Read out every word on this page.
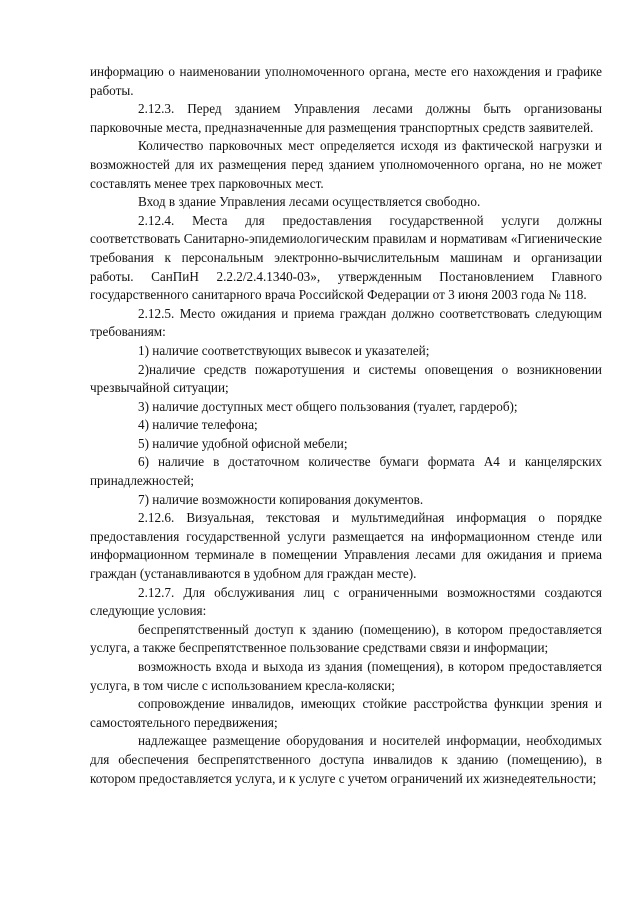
информацию о наименовании уполномоченного органа, месте его нахождения и графике работы.

2.12.3. Перед зданием Управления лесами должны быть организованы парковочные места, предназначенные для размещения транспортных средств заявителей.

Количество парковочных мест определяется исходя из фактической нагрузки и возможностей для их размещения перед зданием уполномоченного органа, но не может составлять менее трех парковочных мест.

Вход в здание Управления лесами осуществляется свободно.

2.12.4. Места для предоставления государственной услуги должны соответствовать Санитарно-эпидемиологическим правилам и нормативам «Гигиенические требования к персональным электронно-вычислительным машинам и организации работы. СанПиН 2.2.2/2.4.1340-03», утвержденным Постановлением Главного государственного санитарного врача Российской Федерации от 3 июня 2003 года № 118.

2.12.5. Место ожидания и приема граждан должно соответствовать следующим требованиям:

1) наличие соответствующих вывесок и указателей;

2)наличие средств пожаротушения и системы оповещения о возникновении чрезвычайной ситуации;

3) наличие доступных мест общего пользования (туалет, гардероб);

4) наличие телефона;

5) наличие удобной офисной мебели;

6) наличие в достаточном количестве бумаги формата А4 и канцелярских принадлежностей;

7) наличие возможности копирования документов.

2.12.6. Визуальная, текстовая и мультимедийная информация о порядке предоставления государственной услуги размещается на информационном стенде или информационном терминале в помещении Управления лесами для ожидания и приема граждан (устанавливаются в удобном для граждан месте).

2.12.7. Для обслуживания лиц с ограниченными возможностями создаются следующие условия:

беспрепятственный доступ к зданию (помещению), в котором предоставляется услуга, а также беспрепятственное пользование средствами связи и информации;

возможность входа и выхода из здания (помещения), в котором предоставляется услуга, в том числе с использованием кресла-коляски;

сопровождение инвалидов, имеющих стойкие расстройства функции зрения и самостоятельного передвижения;

надлежащее размещение оборудования и носителей информации, необходимых для обеспечения беспрепятственного доступа инвалидов к зданию (помещению), в котором предоставляется услуга, и к услуге с учетом ограничений их жизнедеятельности;
